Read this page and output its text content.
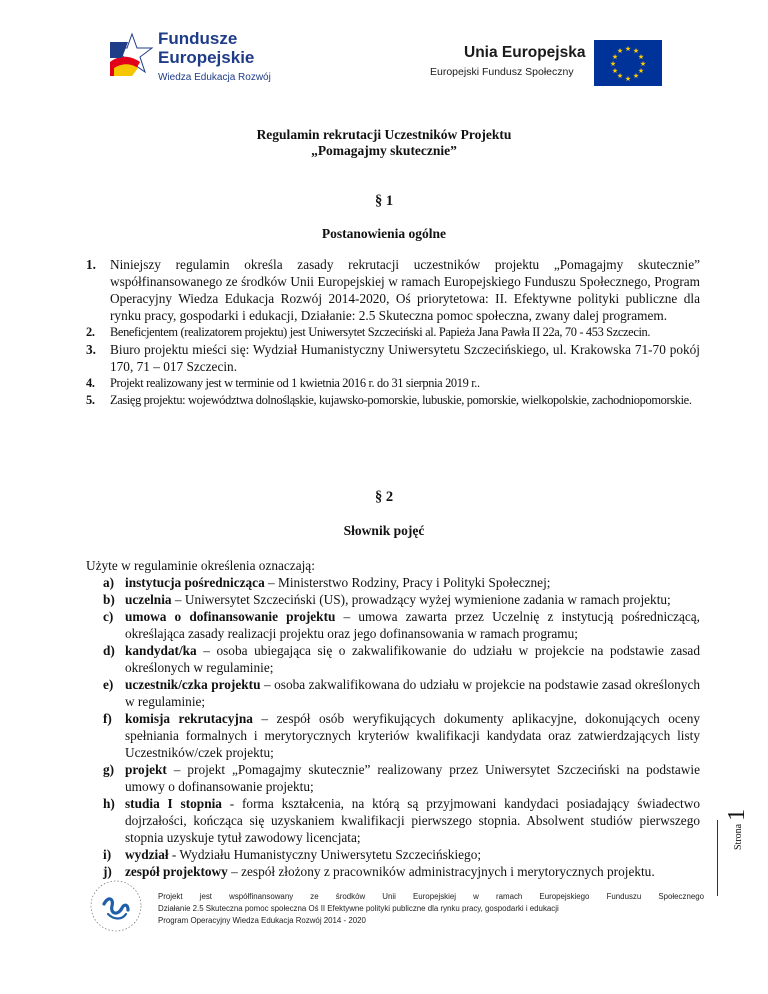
Fundusze
Europejskie
Wiedza Edukacja Rozwój
Unia Europejska
Europejski Fundusz Społeczny
★ ★
★
★
★
★
★
★
★
★
★
★
Regulamin rekrutacji Uczestników Projektu
„Pomagajmy skutecznie”
§ 1
Postanowienia ogólne
1. Niniejszy regulamin określa zasady rekrutacji uczestników projektu „Pomagajmy skutecznie” współfinansowanego ze środków Unii Europejskiej w ramach Europejskiego Funduszu Społecznego, Program Operacyjny Wiedza Edukacja Rozwój 2014-2020, Oś priorytetowa: II. Efektywne polityki publiczne dla rynku pracy, gospodarki i edukacji, Działanie: 2.5 Skuteczna pomoc społeczna, zwany dalej programem.
2. Beneficjentem (realizatorem projektu) jest Uniwersytet Szczeciński al. Papieża Jana Pawła II 22a, 70 - 453 Szczecin.
3. Biuro projektu mieści się: Wydział Humanistyczny Uniwersytetu Szczecińskiego, ul. Krakowska 71-70 pokój 170, 71 – 017 Szczecin.
4. Projekt realizowany jest w terminie od 1 kwietnia 2016 r. do 31 sierpnia 2019 r..
5. Zasięg projektu: województwa dolnośląskie, kujawsko-pomorskie, lubuskie, pomorskie, wielkopolskie, zachodniopomorskie.
§ 2
Słownik pojęć
Użyte w regulaminie określenia oznaczają:
a) instytucja pośrednicząca – Ministerstwo Rodziny, Pracy i Polityki Społecznej;
b) uczelnia – Uniwersytet Szczeciński (US), prowadzący wyżej wymienione zadania w ramach projektu;
c) umowa o dofinansowanie projektu – umowa zawarta przez Uczelnię z instytucją pośredniczącą, określająca zasady realizacji projektu oraz jego dofinansowania w ramach programu;
d) kandydat/ka – osoba ubiegająca się o zakwalifikowanie do udziału w projekcie na podstawie zasad określonych w regulaminie;
e) uczestnik/czka projektu – osoba zakwalifikowana do udziału w projekcie na podstawie zasad określonych w regulaminie;
f) komisja rekrutacyjna – zespół osób weryfikujących dokumenty aplikacyjne, dokonujących oceny spełniania formalnych i merytorycznych kryteriów kwalifikacji kandydata oraz zatwierdzających listy Uczestników/czek projektu;
g) projekt – projekt „Pomagajmy skutecznie” realizowany przez Uniwersytet Szczeciński na podstawie umowy o dofinansowanie projektu;
h) studia I stopnia - forma kształcenia, na którą są przyjmowani kandydaci posiadający świadectwo dojrzałości, kończąca się uzyskaniem kwalifikacji pierwszego stopnia. Absolwent studiów pierwszego stopnia uzyskuje tytuł zawodowy licencjata;
i) wydział - Wydziału Humanistyczny Uniwersytetu Szczecińskiego;
j) zespół projektowy – zespół złożony z pracowników administracyjnych i merytorycznych projektu.
Strona1
Projekt jest współfinansowany ze środków Unii Europejskiej w ramach Europejskiego Funduszu Społecznego
Działanie 2.5 Skuteczna pomoc społeczna Oś II Efektywne polityki publiczne dla rynku pracy, gospodarki i edukacji
Program Operacyjny Wiedza Edukacja Rozwój 2014 - 2020
